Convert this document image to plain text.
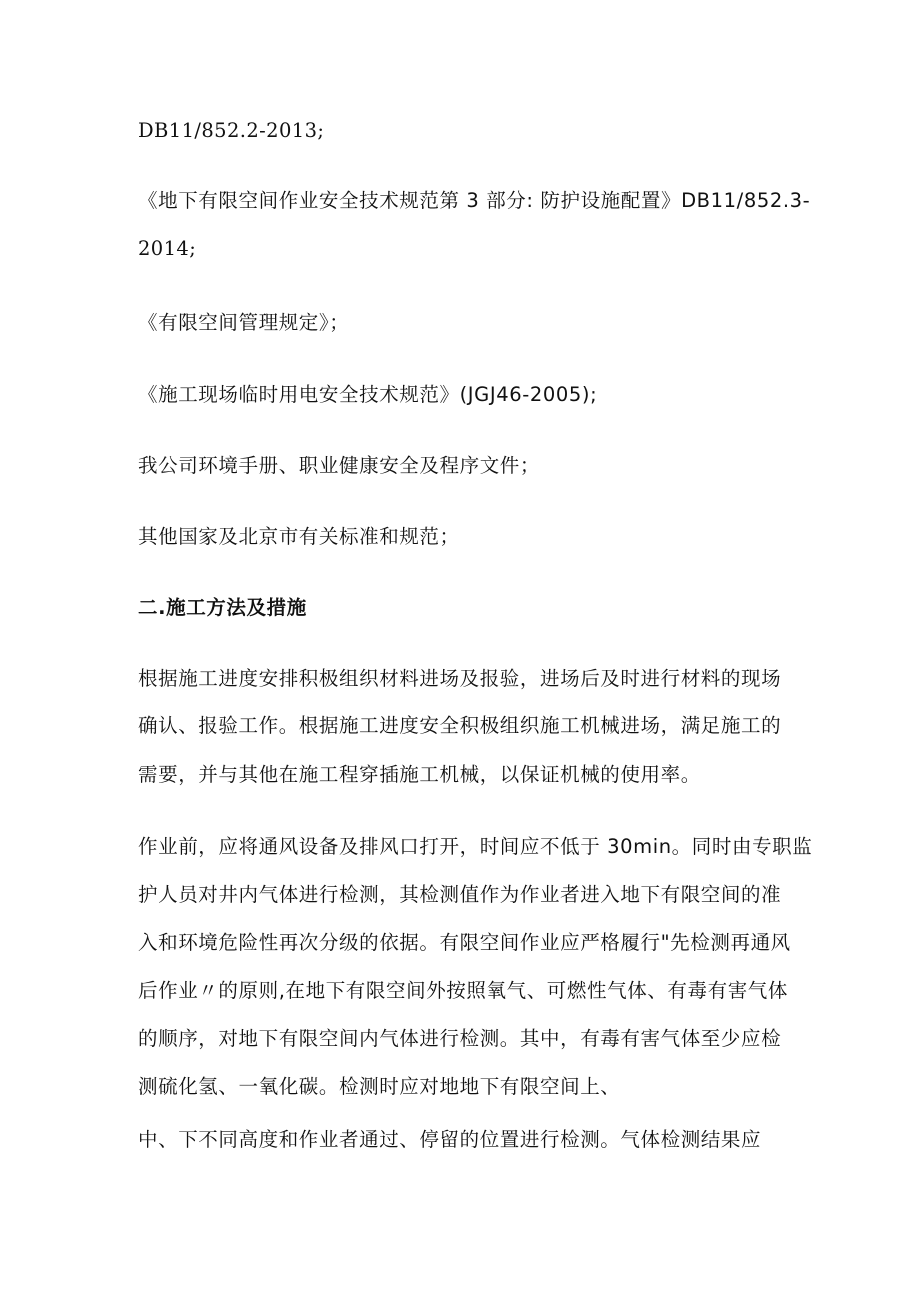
DB11/852.2-2013;

《地下有限空间作业安全技术规范第 3 部分: 防护设施配置》DB11/852.3-

2014;

《有限空间管理规定》；

《施工现场临时用电安全技术规范》(JGJ46-2005);

我公司环境手册、职业健康安全及程序文件；

其他国家及北京市有关标准和规范；

二.施工方法及措施

根据施工进度安排积极组织材料进场及报验，进场后及时进行材料的现场

确认、报验工作。根据施工进度安全积极组织施工机械进场，满足施工的

需要，并与其他在施工程穿插施工机械，以保证机械的使用率。

作业前，应将通风设备及排风口打开，时间应不低于 30min。同时由专职监

护人员对井内气体进行检测，其检测值作为作业者进入地下有限空间的准

入和环境危险性再次分级的依据。有限空间作业应严格履行"先检测再通风

后作业〃的原则,在地下有限空间外按照氧气、可燃性气体、有毒有害气体

的顺序，对地下有限空间内气体进行检测。其中，有毒有害气体至少应检

测硫化氢、一氧化碳。检测时应对地地下有限空间上、

中、下不同高度和作业者通过、停留的位置进行检测。气体检测结果应
